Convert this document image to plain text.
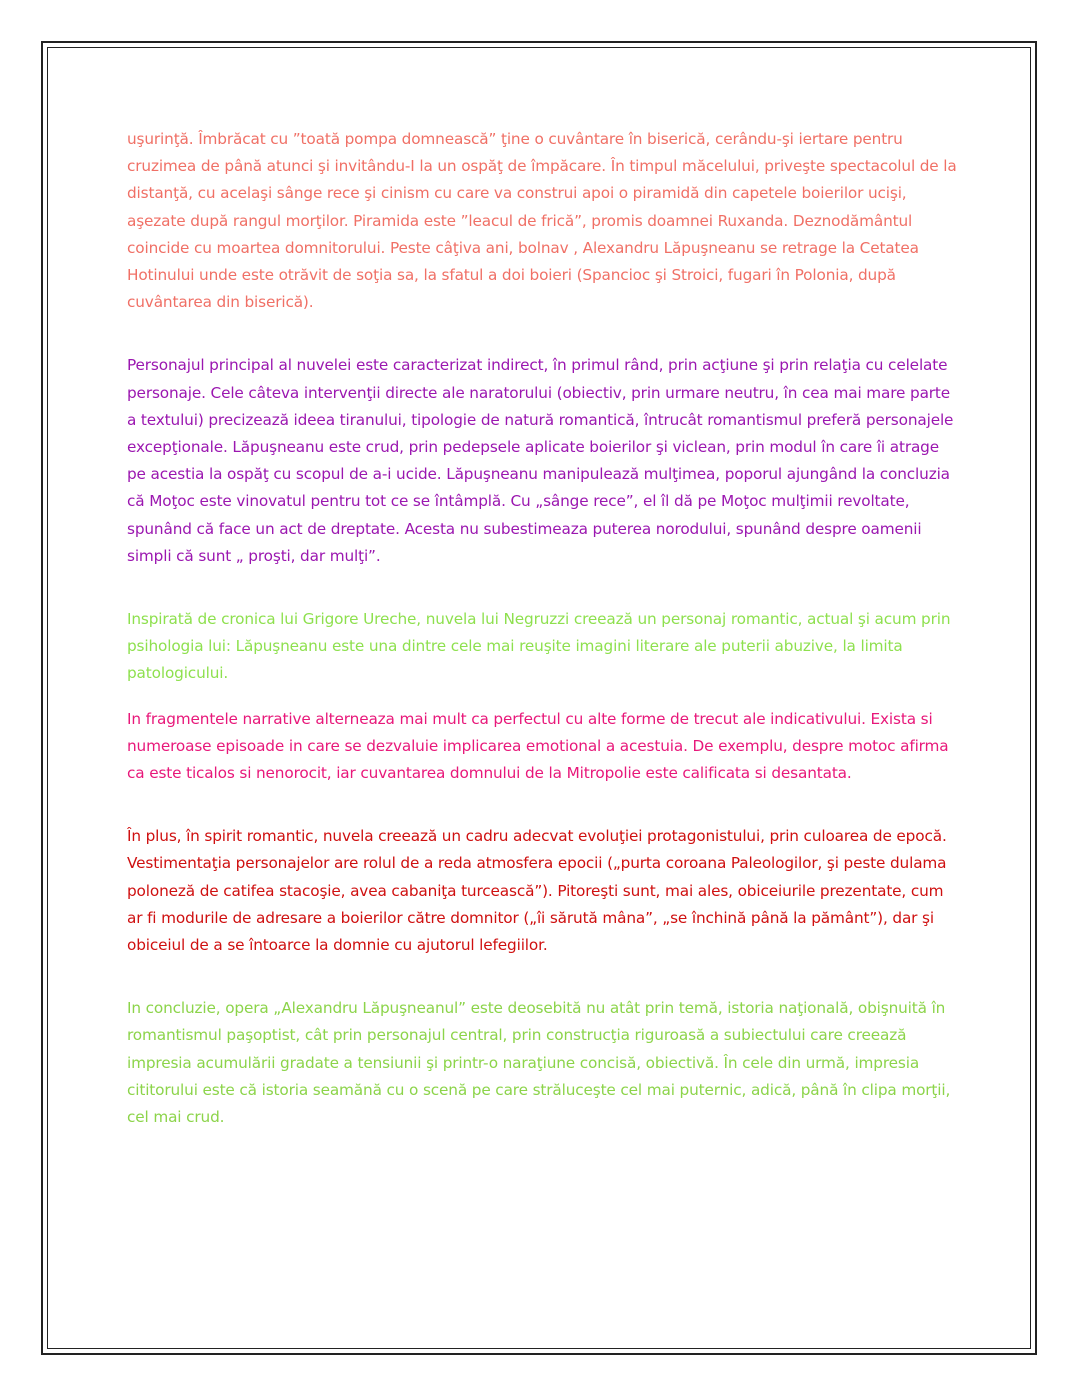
uşurinţă. Îmbrăcat cu ”toată pompa domnească” ţine o cuvântare în biserică, cerându-şi iertare pentru cruzimea de până atunci şi invitându-I la un ospăţ de împăcare. În timpul măcelului, priveşte spectacolul de la distanţă, cu acelaşi sânge rece şi cinism cu care va construi apoi o piramidă din capetele boierilor ucişi, aşezate după rangul morţilor. Piramida este ”leacul de frică”, promis doamnei Ruxanda. Deznodământul coincide cu moartea domnitorului. Peste câţiva ani, bolnav , Alexandru Lăpuşneanu se retrage la Cetatea Hotinului unde este otrăvit de soţia sa, la sfatul a doi boieri (Spancioc şi Stroici, fugari în Polonia, după cuvântarea din biserică).

Personajul principal al nuvelei este caracterizat indirect, în primul rând, prin acţiune şi prin relaţia cu celelate personaje. Cele câteva intervenţii directe ale naratorului (obiectiv, prin urmare neutru, în cea mai mare parte a textului) precizează ideea tiranului, tipologie de natură romantică, întrucât romantismul preferă personajele excepţionale. Lăpuşneanu este crud, prin pedepsele aplicate boierilor şi viclean, prin modul în care îi atrage pe acestia la ospăţ cu scopul de a-i ucide. Lăpuşneanu manipulează mulţimea, poporul ajungând la concluzia că Moţoc este vinovatul pentru tot ce se întâmplă. Cu „sânge rece”, el îl dă pe Moţoc mulţimii revoltate, spunând că face un act de dreptate. Acesta nu subestimeaza puterea norodului, spunând despre oamenii simpli că sunt „ proşti, dar mulţi”.

Inspirată de cronica lui Grigore Ureche, nuvela lui Negruzzi creează un personaj romantic, actual şi acum prin psihologia lui: Lăpuşneanu este una dintre cele mai reuşite imagini literare ale puterii abuzive, la limita patologicului.

In fragmentele narrative alterneaza mai mult ca perfectul cu alte forme de trecut ale indicativului. Exista si numeroase episoade in care se dezvaluie implicarea emotional a acestuia. De exemplu, despre motoc afirma ca este ticalos si nenorocit, iar cuvantarea domnului de la Mitropolie este calificata si desantata.

În plus, în spirit romantic, nuvela creează un cadru adecvat evoluţiei protagonistului, prin culoarea de epocă. Vestimentaţia personajelor are rolul de a reda atmosfera epocii („purta coroana Paleologilor, şi peste dulama poloneză de catifea stacoşie, avea cabaniţa turcească”). Pitoreşti sunt, mai ales, obiceiurile prezentate, cum ar fi modurile de adresare a boierilor către domnitor („îi sărută mâna”, „se închină până la pământ”), dar şi obiceiul de a se întoarce la domnie cu ajutorul lefegiilor.

In concluzie, opera „Alexandru Lăpuşneanul” este deosebită nu atât prin temă, istoria naţională, obişnuită în romantismul paşoptist, cât prin personajul central, prin construcţia riguroasă a subiectului care creează impresia acumulării gradate a tensiunii şi printr-o naraţiune concisă, obiectivă. În cele din urmă, impresia cititorului este că istoria seamănă cu o scenă pe care străluceşte cel mai puternic, adică, până în clipa morţii, cel mai crud.
